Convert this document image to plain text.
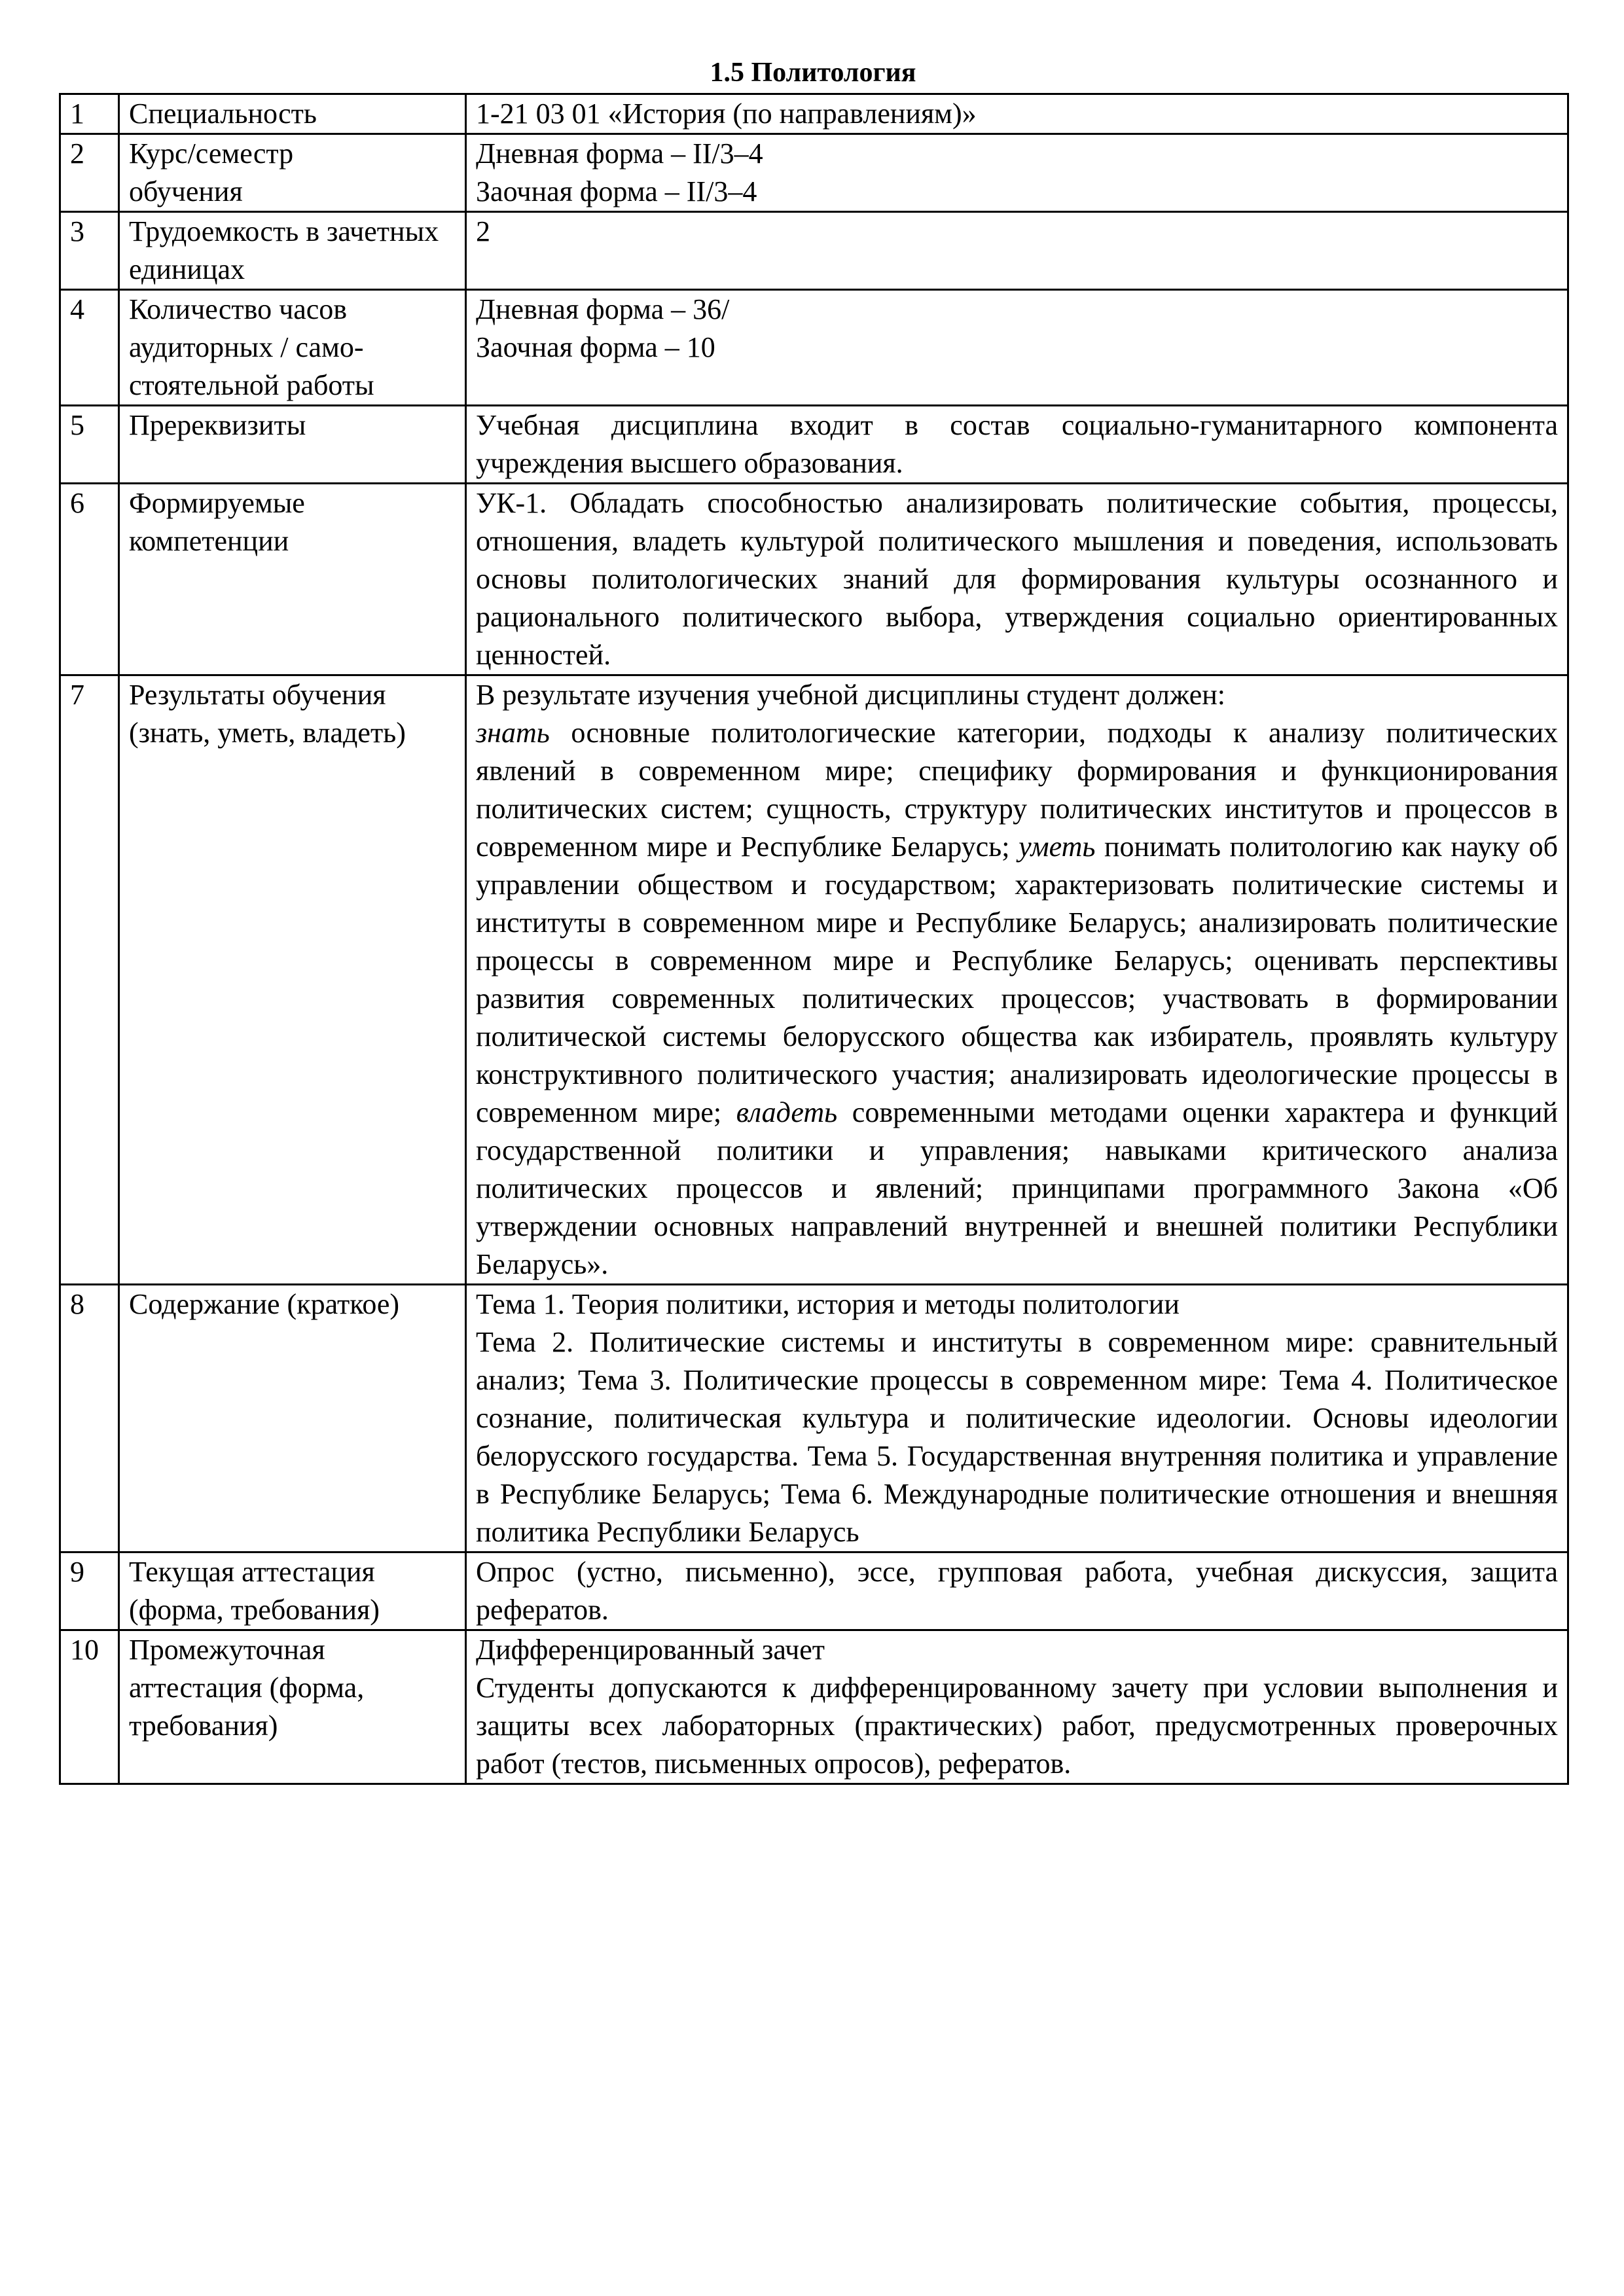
1.5 Политология
1	Специальность	1-21 03 01 «История (по направлениям)»

2	Курс/семестр обучения	Дневная форма – II/3–4
Заочная форма – II/3–4

3	Трудоемкость в зачетных единицах	2

4	Количество часов аудиторных / само-стоятельной работы	Дневная форма – 36/
Заочная форма – 10

5	Пререквизиты	Учебная дисциплина входит в состав социально-гуманитарного компонента учреждения высшего образования.

6	Формируемые компетенции	УК-1. Обладать способностью анализировать политические события, процессы, отношения, владеть культурой политического мышления и поведения, использовать основы политологических знаний для формирования культуры осознанного и рационального политического выбора, утверждения социально ориентированных ценностей.

7	Результаты обучения (знать, уметь, владеть)	В результате изучения учебной дисциплины студент должен:
знать основные политологические категории, подходы к анализу политических явлений в современном мире; специфику формирования и функционирования политических систем; сущность, структуру политических институтов и процессов в современном мире и Республике Беларусь; уметь понимать политологию как науку об управлении обществом и государством; характеризовать политические системы и институты в современном мире и Республике Беларусь; анализировать политические процессы в современном мире и Республике Беларусь; оценивать перспективы развития современных политических процессов; участвовать в формировании политической системы белорусского общества как избиратель, проявлять культуру конструктивного политического участия; анализировать идеологические процессы в современном мире; владеть современными методами оценки характера и функций государственной политики и управления; навыками критического анализа политических процессов и явлений; принципами программного Закона «Об утверждении основных направлений внутренней и внешней политики Республики Беларусь».

8	Содержание (краткое)	Тема 1. Теория политики, история и методы политологии
Тема 2. Политические системы и институты в современном мире: сравнительный анализ; Тема 3. Политические процессы в современном мире: Тема 4. Политическое сознание, политическая культура и политические идеологии. Основы идеологии белорусского государства. Тема 5. Государственная внутренняя политика и управление в Республике Беларусь; Тема 6. Международные политические отношения и внешняя политика Республики Беларусь

9	Текущая аттестация (форма, требования)	Опрос (устно, письменно), эссе, групповая работа, учебная дискуссия, защита рефератов.

10	Промежуточная аттестация (форма, требования)	Дифференцированный зачет
Студенты допускаются к дифференцированному зачету при условии выполнения и защиты всех лабораторных (практических) работ, предусмотренных проверочных работ (тестов, письменных опросов), рефератов.
